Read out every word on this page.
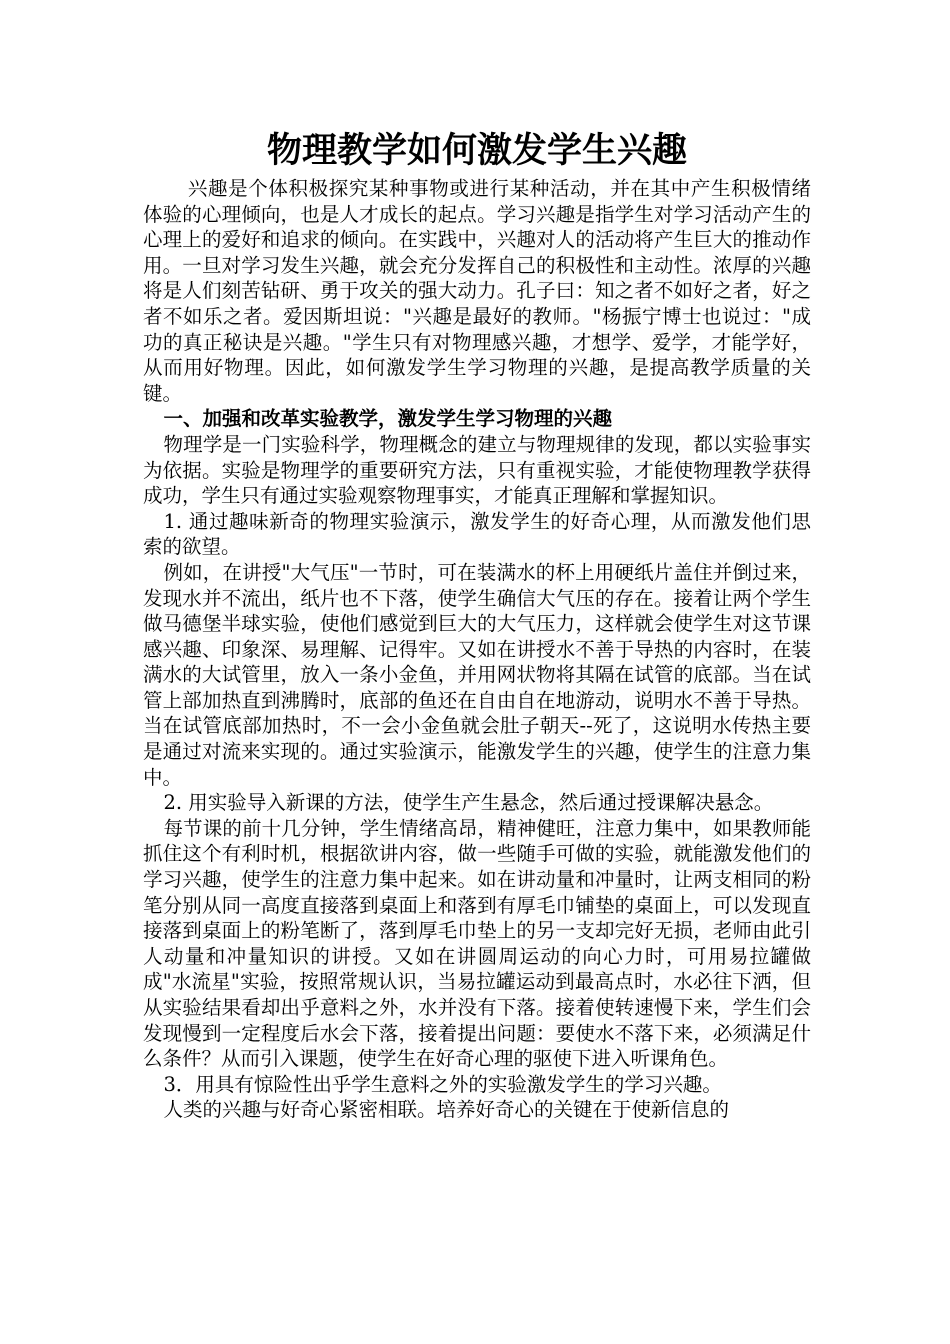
物理教学如何激发学生兴趣

兴趣是个体积极探究某种事物或进行某种活动，并在其中产生积极情绪体验的心理倾向，也是人才成长的起点。学习兴趣是指学生对学习活动产生的心理上的爱好和追求的倾向。在实践中，兴趣对人的活动将产生巨大的推动作用。一旦对学习发生兴趣，就会充分发挥自己的积极性和主动性。浓厚的兴趣将是人们刻苦钻研、勇于攻关的强大动力。孔子曰：知之者不如好之者，好之者不如乐之者。爱因斯坦说："兴趣是最好的教师。"杨振宁博士也说过："成功的真正秘诀是兴趣。"学生只有对物理感兴趣，才想学、爱学，才能学好，从而用好物理。因此，如何激发学生学习物理的兴趣，是提高教学质量的关键。

一、加强和改革实验教学，激发学生学习物理的兴趣

物理学是一门实验科学，物理概念的建立与物理规律的发现，都以实验事实为依据。实验是物理学的重要研究方法，只有重视实验，才能使物理教学获得成功，学生只有通过实验观察物理事实，才能真正理解和掌握知识。

1. 通过趣味新奇的物理实验演示，激发学生的好奇心理，从而激发他们思索的欲望。

例如，在讲授"大气压"一节时，可在装满水的杯上用硬纸片盖住并倒过来，发现水并不流出，纸片也不下落，使学生确信大气压的存在。接着让两个学生做马德堡半球实验，使他们感觉到巨大的大气压力，这样就会使学生对这节课感兴趣、印象深、易理解、记得牢。又如在讲授水不善于导热的内容时，在装满水的大试管里，放入一条小金鱼，并用网状物将其隔在试管的底部。当在试管上部加热直到沸腾时，底部的鱼还在自由自在地游动，说明水不善于导热。当在试管底部加热时，不一会小金鱼就会肚子朝天--死了，这说明水传热主要是通过对流来实现的。通过实验演示，能激发学生的兴趣，使学生的注意力集中。

2. 用实验导入新课的方法，使学生产生悬念，然后通过授课解决悬念。

每节课的前十几分钟，学生情绪高昂，精神健旺，注意力集中，如果教师能抓住这个有利时机，根据欲讲内容，做一些随手可做的实验，就能激发他们的学习兴趣，使学生的注意力集中起来。如在讲动量和冲量时，让两支相同的粉笔分别从同一高度直接落到桌面上和落到有厚毛巾铺垫的桌面上，可以发现直接落到桌面上的粉笔断了，落到厚毛巾垫上的另一支却完好无损，老师由此引人动量和冲量知识的讲授。又如在讲圆周运动的向心力时，可用易拉罐做成"水流星"实验，按照常规认识，当易拉罐运动到最高点时，水必往下洒，但从实验结果看却出乎意料之外，水并没有下落。接着使转速慢下来，学生们会发现慢到一定程度后水会下落，接着提出问题：要使水不落下来，必须满足什么条件？从而引入课题，使学生在好奇心理的驱使下进入听课角色。

3．用具有惊险性出乎学生意料之外的实验激发学生的学习兴趣。

人类的兴趣与好奇心紧密相联。培养好奇心的关键在于使新信息的
